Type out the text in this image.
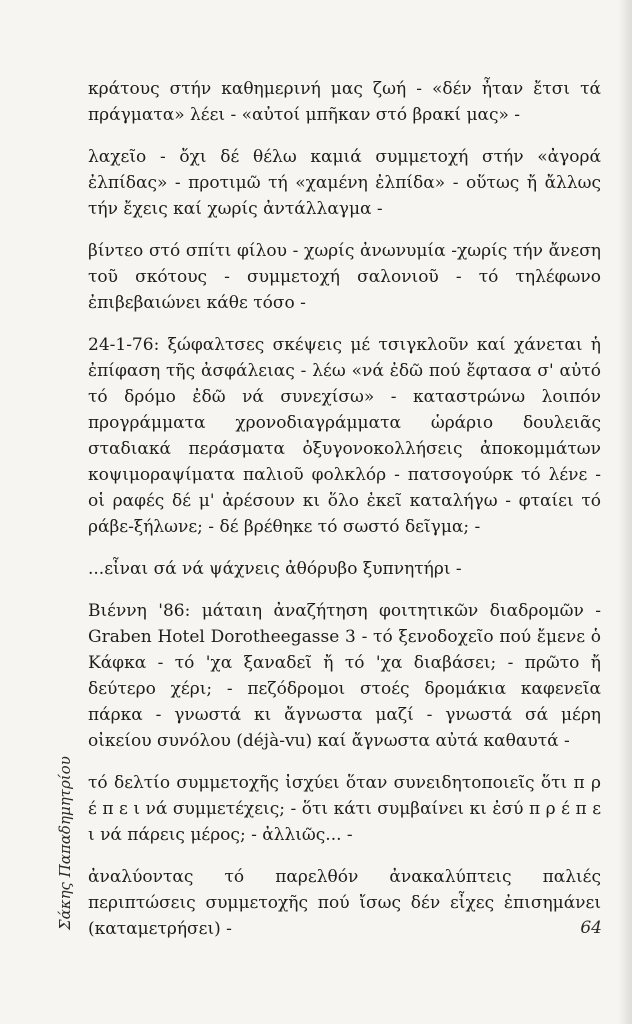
κράτους στήν καθημερινή μας ζωή - «δέν ἦταν ἔτσι τά πράγματα» λέει - «αὐτοί μπῆκαν στό βρακί μας» -

λαχεῖο - ὄχι δέ θέλω καμιά συμμετοχή στήν «ἀγορά ἐλπίδας» - προτιμῶ τή «χαμένη ἐλπίδα» - οὕτως ἤ ἄλλως τήν ἔχεις καί χωρίς ἀντάλλαγμα -

βίντεο στό σπίτι φίλου - χωρίς ἀνωνυμία -χωρίς τήν ἄνεση τοῦ σκότους - συμμετοχή σαλονιοῦ - τό τηλέφωνο ἐπιβεβαιώνει κάθε τόσο -

24-1-76: ξώφαλτσες σκέψεις μέ τσιγκλοῦν καί χάνεται ἡ ἐπίφαση τῆς ἀσφάλειας - λέω «νά ἐδῶ πού ἔφτασα σ' αὐτό τό δρόμο ἐδῶ νά συνεχίσω» - καταστρώνω λοιπόν προγράμματα χρονοδιαγράμματα ὡράριο δουλειᾶς σταδιακά περάσματα ὀξυγονοκολλήσεις ἀποκομμάτων κοψιμοραψίματα παλιοῦ φολκλόρ - πατσογούρκ τό λένε - οἱ ραφές δέ μ' ἀρέσουν κι ὅλο ἐκεῖ καταλήγω - φταίει τό ράβε-ξήλωνε; - δέ βρέθηκε τό σωστό δεῖγμα; -

...εἶναι σά νά ψάχνεις ἀθόρυβο ξυπνητήρι -

Βιέννη '86: μάταιη ἀναζήτηση φοιτητικῶν διαδρομῶν - Graben Hotel Dorotheegasse 3 - τό ξενοδοχεῖο πού ἔμενε ὁ Κάφκα - τό 'χα ξαναδεῖ ἤ τό 'χα διαβάσει; - πρῶτο ἤ δεύτερο χέρι; - πεζόδρομοι στοές δρομάκια καφενεῖα πάρκα - γνωστά κι ἄγνωστα μαζί - γνωστά σά μέρη οἰκείου συνόλου (déjà-vu) καί ἄγνωστα αὐτά καθαυτά -

τό δελτίο συμμετοχῆς ἰσχύει ὅταν συνειδητοποιεῖς ὅτι π ρ έ π ε ι νά συμμετέχεις; - ὅτι κάτι συμβαίνει κι ἐσύ π ρ έ π ε ι νά πάρεις μέρος; - ἀλλιῶς... -

ἀναλύοντας τό παρελθόν ἀνακαλύπτεις παλιές περιπτώσεις συμμετοχῆς πού ἴσως δέν εἶχες ἐπισημάνει (καταμετρήσει) -

Σάκης Παπαδημητρίου	64
